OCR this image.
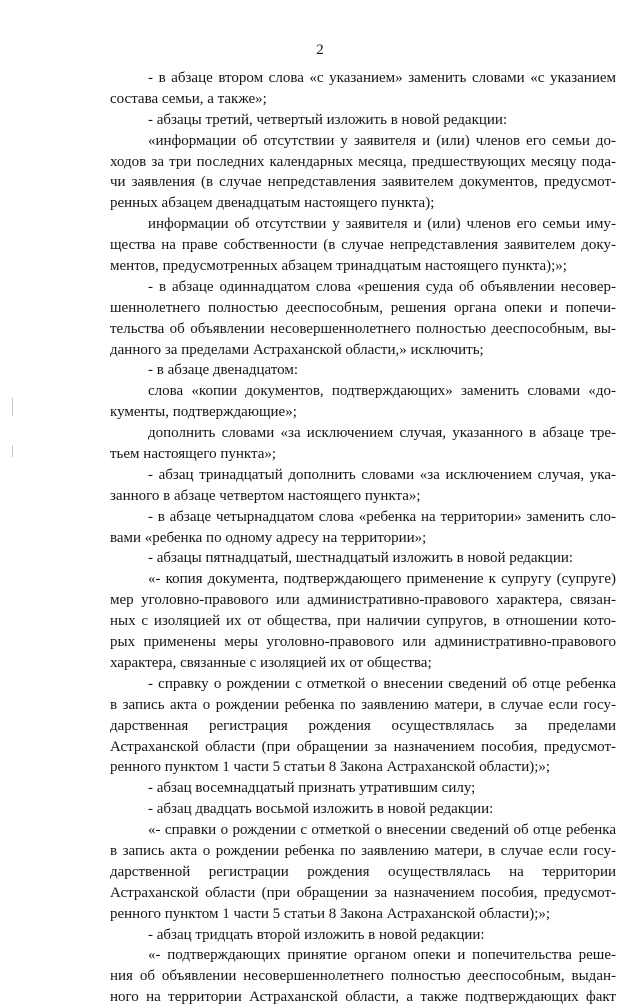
2
- в абзаце втором слова «с указанием» заменить словами «с указанием
состава семьи, а также»;
- абзацы третий, четвертый изложить в новой редакции:
«информации об отсутствии у заявителя и (или) членов его семьи до-
ходов за три последних календарных месяца, предшествующих месяцу пода-
чи заявления (в случае непредставления заявителем документов, предусмот-
ренных абзацем двенадцатым настоящего пункта);
информации об отсутствии у заявителя и (или) членов его семьи иму-
щества на праве собственности (в случае непредставления заявителем доку-
ментов, предусмотренных абзацем тринадцатым настоящего пункта);»;
- в абзаце одиннадцатом слова «решения суда об объявлении несовер-
шеннолетнего полностью дееспособным, решения органа опеки и попечи-
тельства об объявлении несовершеннолетнего полностью дееспособным, вы-
данного за пределами Астраханской области,» исключить;
- в абзаце двенадцатом:
слова «копии документов, подтверждающих» заменить словами «до-
кументы, подтверждающие»;
дополнить словами «за исключением случая, указанного в абзаце тре-
тьем настоящего пункта»;
- абзац тринадцатый дополнить словами «за исключением случая, ука-
занного в абзаце четвертом настоящего пункта»;
- в абзаце четырнадцатом слова «ребенка на территории» заменить сло-
вами «ребенка по одному адресу на территории»;
- абзацы пятнадцатый, шестнадцатый изложить в новой редакции:
«- копия документа, подтверждающего применение к супругу (супруге)
мер уголовно-правового или административно-правового характера, связан-
ных с изоляцией их от общества, при наличии супругов, в отношении кото-
рых применены меры уголовно-правового или административно-правового
характера, связанные с изоляцией их от общества;
- справку о рождении с отметкой о внесении сведений об отце ребенка
в запись акта о рождении ребенка по заявлению матери, в случае если госу-
дарственная регистрация рождения осуществлялась за пределами
Астраханской области (при обращении за назначением пособия, предусмот-
ренного пунктом 1 части 5 статьи 8 Закона Астраханской области);»;
- абзац восемнадцатый признать утратившим силу;
- абзац двадцать восьмой изложить в новой редакции:
«- справки о рождении с отметкой о внесении сведений об отце ребенка
в запись акта о рождении ребенка по заявлению матери, в случае если госу-
дарственной регистрации рождения осуществлялась на территории
Астраханской области (при обращении за назначением пособия, предусмот-
ренного пунктом 1 части 5 статьи 8 Закона Астраханской области);»;
- абзац тридцать второй изложить в новой редакции:
«- подтверждающих принятие органом опеки и попечительства реше-
ния об объявлении несовершеннолетнего полностью дееспособным, выдан-
ного на территории Астраханской области, а также подтверждающих факт
